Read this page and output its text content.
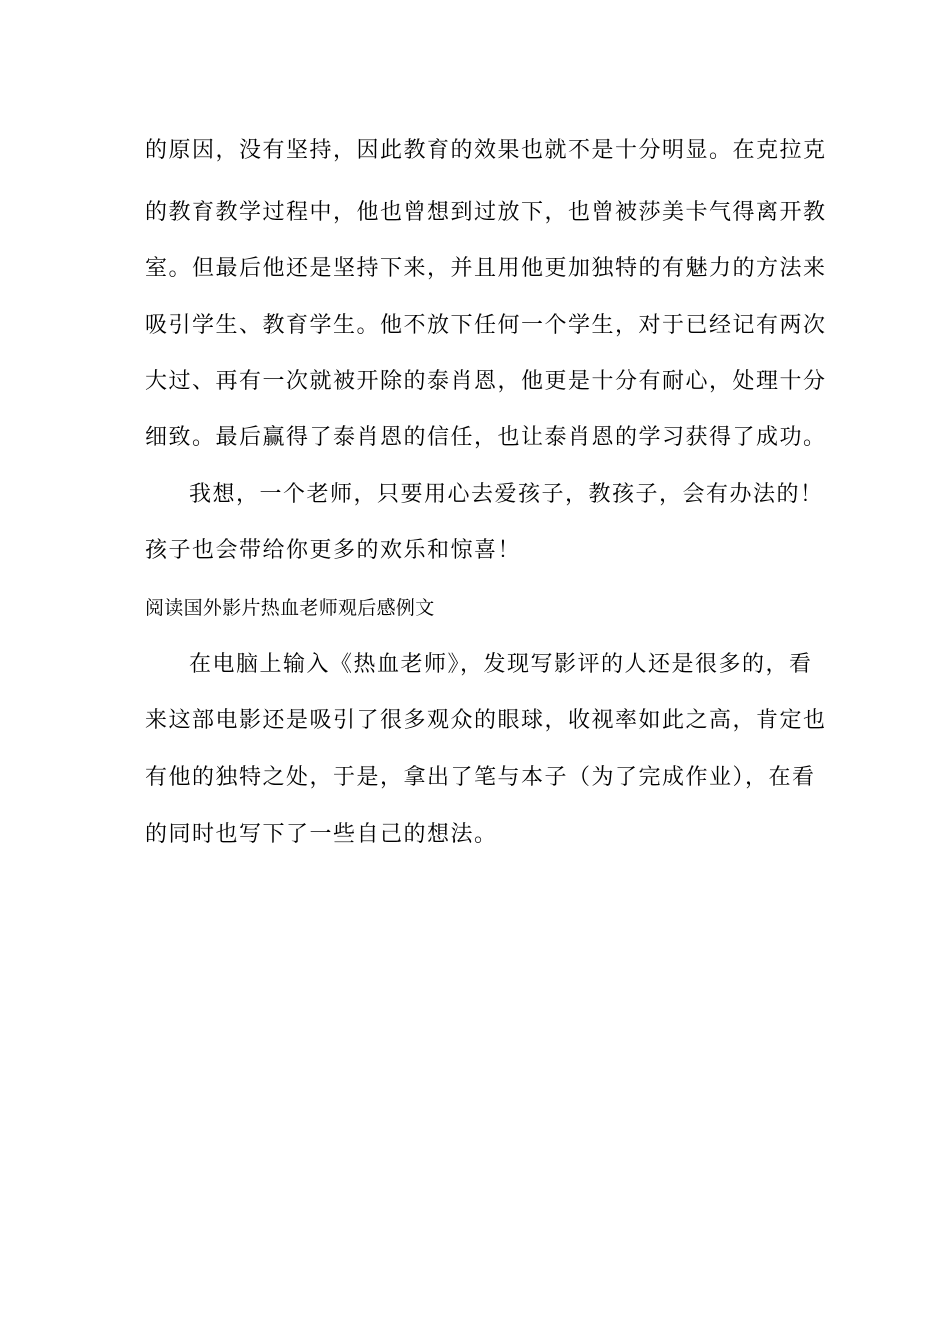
的原因，没有坚持，因此教育的效果也就不是十分明显。在克拉克
的教育教学过程中，他也曾想到过放下，也曾被莎美卡气得离开教
室。但最后他还是坚持下来，并且用他更加独特的有魅力的方法来
吸引学生、教育学生。他不放下任何一个学生，对于已经记有两次
大过、再有一次就被开除的泰肖恩，他更是十分有耐心，处理十分
细致。最后赢得了泰肖恩的信任，也让泰肖恩的学习获得了成功。
我想，一个老师，只要用心去爱孩子，教孩子，会有办法的！
孩子也会带给你更多的欢乐和惊喜！
阅读国外影片热血老师观后感例文
在电脑上输入《热血老师》，发现写影评的人还是很多的，看
来这部电影还是吸引了很多观众的眼球，收视率如此之高，肯定也
有他的独特之处，于是，拿出了笔与本子（为了完成作业），在看
的同时也写下了一些自己的想法。
